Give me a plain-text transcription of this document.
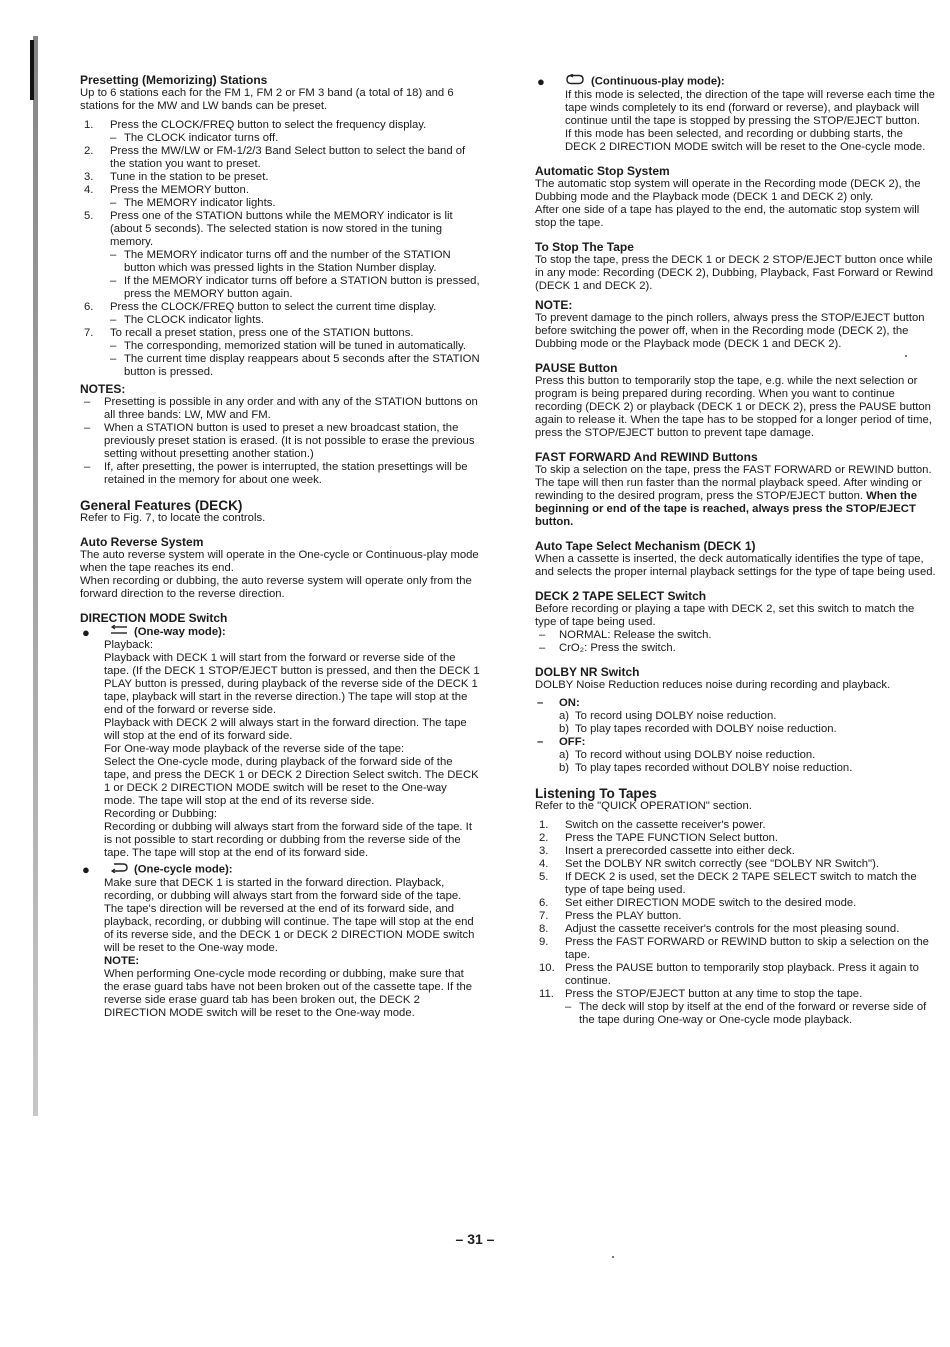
Presetting (Memorizing) Stations

Up to 6 stations each for the FM 1, FM 2 or FM 3 band (a total of 18) and 6 stations for the MW and LW bands can be preset.

1. Press the CLOCK/FREQ button to select the frequency display.
– The CLOCK indicator turns off.
2. Press the MW/LW or FM-1/2/3 Band Select button to select the band of the station you want to preset.
3. Tune in the station to be preset.
4. Press the MEMORY button.
– The MEMORY indicator lights.
5. Press one of the STATION buttons while the MEMORY indicator is lit (about 5 seconds). The selected station is now stored in the tuning memory.
– The MEMORY indicator turns off and the number of the STATION button which was pressed lights in the Station Number display.
– If the MEMORY indicator turns off before a STATION button is pressed, press the MEMORY button again.
6. Press the CLOCK/FREQ button to select the current time display.
– The CLOCK indicator lights.
7. To recall a preset station, press one of the STATION buttons.
– The corresponding, memorized station will be tuned in automatically.
– The current time display reappears about 5 seconds after the STATION button is pressed.
NOTES:
– Presetting is possible in any order and with any of the STATION buttons on all three bands: LW, MW and FM.
– When a STATION button is used to preset a new broadcast station, the previously preset station is erased. (It is not possible to erase the previous setting without presetting another station.)
– If, after presetting, the power is interrupted, the station presettings will be retained in the memory for about one week.
General Features (DECK)

Refer to Fig. 7, to locate the controls.

Auto Reverse System

The auto reverse system will operate in the One-cycle or Continuous-play mode when the tape reaches its end.

When recording or dubbing, the auto reverse system will operate only from the forward direction to the reverse direction.

DIRECTION MODE Switch
●	(One-way mode):

Playback:

Playback with DECK 1 will start from the forward or reverse side of the tape. (If the DECK 1 STOP/EJECT button is pressed, and then the DECK 1 PLAY button is pressed, during playback of the reverse side of the DECK 1 tape, playback will start in the reverse direction.) The tape will stop at the end of the forward or reverse side.

Playback with DECK 2 will always start in the forward direction. The tape will stop at the end of its forward side.

For One-way mode playback of the reverse side of the tape:

Select the One-cycle mode, during playback of the forward side of the tape, and press the DECK 1 or DECK 2 Direction Select switch. The DECK 1 or DECK 2 DIRECTION MODE switch will be reset to the One-way mode. The tape will stop at the end of its reverse side.

Recording or Dubbing:

Recording or dubbing will always start from the forward side of the tape. It is not possible to start recording or dubbing from the reverse side of the tape. The tape will stop at the end of its forward side.

●	(One-cycle mode):

Make sure that DECK 1 is started in the forward direction. Playback, recording, or dubbing will always start from the forward side of the tape. The tape's direction will be reversed at the end of its forward side, and playback, recording, or dubbing will continue. The tape will stop at the end of its reverse side, and the DECK 1 or DECK 2 DIRECTION MODE switch will be reset to the One-way mode.

NOTE:

When performing One-cycle mode recording or dubbing, make sure that the erase guard tabs have not been broken out of the cassette tape. If the reverse side erase guard tab has been broken out, the DECK 2 DIRECTION MODE switch will be reset to the One-way mode.

●	(Continuous-play mode):

If this mode is selected, the direction of the tape will reverse each time the tape winds completely to its end (forward or reverse), and playback will continue until the tape is stopped by pressing the STOP/EJECT button.

If this mode has been selected, and recording or dubbing starts, the DECK 2 DIRECTION MODE switch will be reset to the One-cycle mode.

Automatic Stop System

The automatic stop system will operate in the Recording mode (DECK 2), the Dubbing mode and the Playback mode (DECK 1 and DECK 2) only.

After one side of a tape has played to the end, the automatic stop system will stop the tape.

To Stop The Tape

To stop the tape, press the DECK 1 or DECK 2 STOP/EJECT button once while in any mode: Recording (DECK 2), Dubbing, Playback, Fast Forward or Rewind (DECK 1 and DECK 2).

NOTE:

To prevent damage to the pinch rollers, always press the STOP/EJECT button before switching the power off, when in the Recording mode (DECK 2), the Dubbing mode or the Playback mode (DECK 1 and DECK 2).

PAUSE Button

Press this button to temporarily stop the tape, e.g. while the next selection or program is being prepared during recording. When you want to continue recording (DECK 2) or playback (DECK 1 or DECK 2), press the PAUSE button again to release it. When the tape has to be stopped for a longer period of time, press the STOP/EJECT button to prevent tape damage.

FAST FORWARD And REWIND Buttons

To skip a selection on the tape, press the FAST FORWARD or REWIND button. The tape will then run faster than the normal playback speed. After winding or rewinding to the desired program, press the STOP/EJECT button. When the beginning or end of the tape is reached, always press the STOP/EJECT button.

Auto Tape Select Mechanism (DECK 1)

When a cassette is inserted, the deck automatically identifies the type of tape, and selects the proper internal playback settings for the type of tape being used.

DECK 2 TAPE SELECT Switch

Before recording or playing a tape with DECK 2, set this switch to match the type of tape being used.

– NORMAL: Release the switch.
– CrO₂: Press the switch.
DOLBY NR Switch

DOLBY Noise Reduction reduces noise during recording and playback.

– ON:
a) To record using DOLBY noise reduction.
b) To play tapes recorded with DOLBY noise reduction.
– OFF:
a) To record without using DOLBY noise reduction.
b) To play tapes recorded without DOLBY noise reduction.
Listening To Tapes

Refer to the "QUICK OPERATION" section.

1. Switch on the cassette receiver's power.
2. Press the TAPE FUNCTION Select button.
3. Insert a prerecorded cassette into either deck.
4. Set the DOLBY NR switch correctly (see "DOLBY NR Switch").
5. If DECK 2 is used, set the DECK 2 TAPE SELECT switch to match the type of tape being used.
6. Set either DIRECTION MODE switch to the desired mode.
7. Press the PLAY button.
8. Adjust the cassette receiver's controls for the most pleasing sound.
9. Press the FAST FORWARD or REWIND button to skip a selection on the tape.
10. Press the PAUSE button to temporarily stop playback. Press it again to continue.
11. Press the STOP/EJECT button at any time to stop the tape.
– The deck will stop by itself at the end of the forward or reverse side of the tape during One-way or One-cycle mode playback.
– 31 –
